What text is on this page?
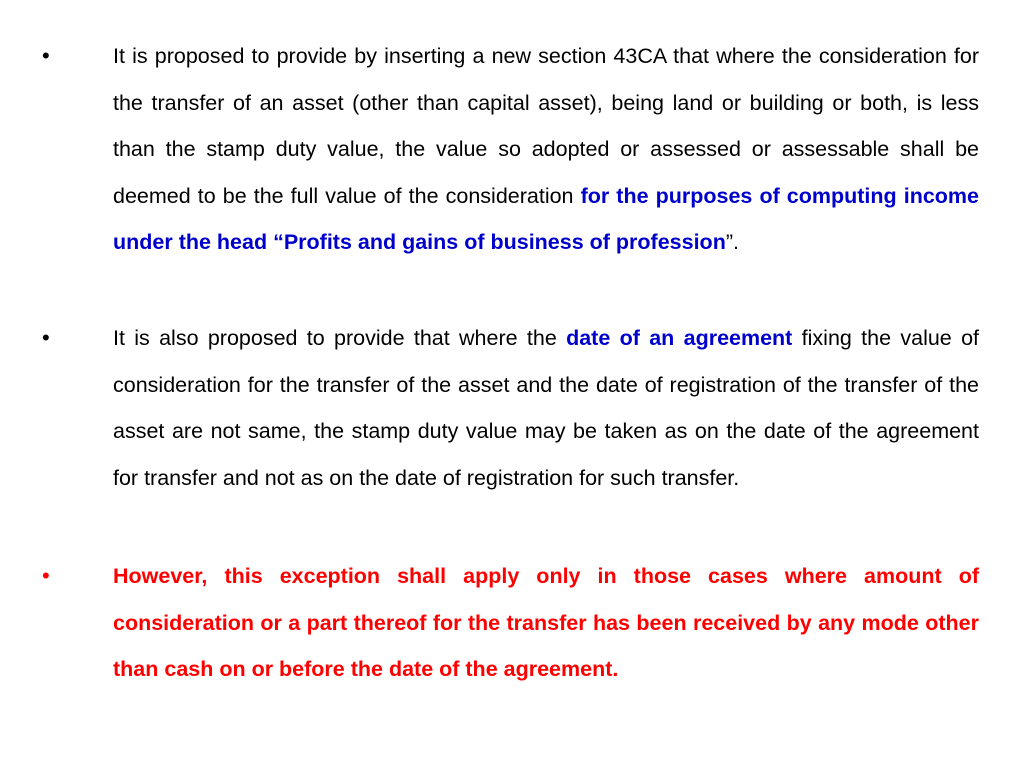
•	It is proposed to provide by inserting a new section 43CA that where the consideration for the transfer of an asset (other than capital asset), being land or building or both, is less than the stamp duty value, the value so adopted or assessed or assessable shall be deemed to be the full value of the consideration for the purposes of computing income under the head “Profits and gains of business of profession”.

•	It is also proposed to provide that where the date of an agreement fixing the value of consideration for the transfer of the asset and the date of registration of the transfer of the asset are not same, the stamp duty value may be taken as on the date of the agreement for transfer and not as on the date of registration for such transfer.

•	However, this exception shall apply only in those cases where amount of consideration or a part thereof for the transfer has been received by any mode other than cash on or before the date of the agreement.
